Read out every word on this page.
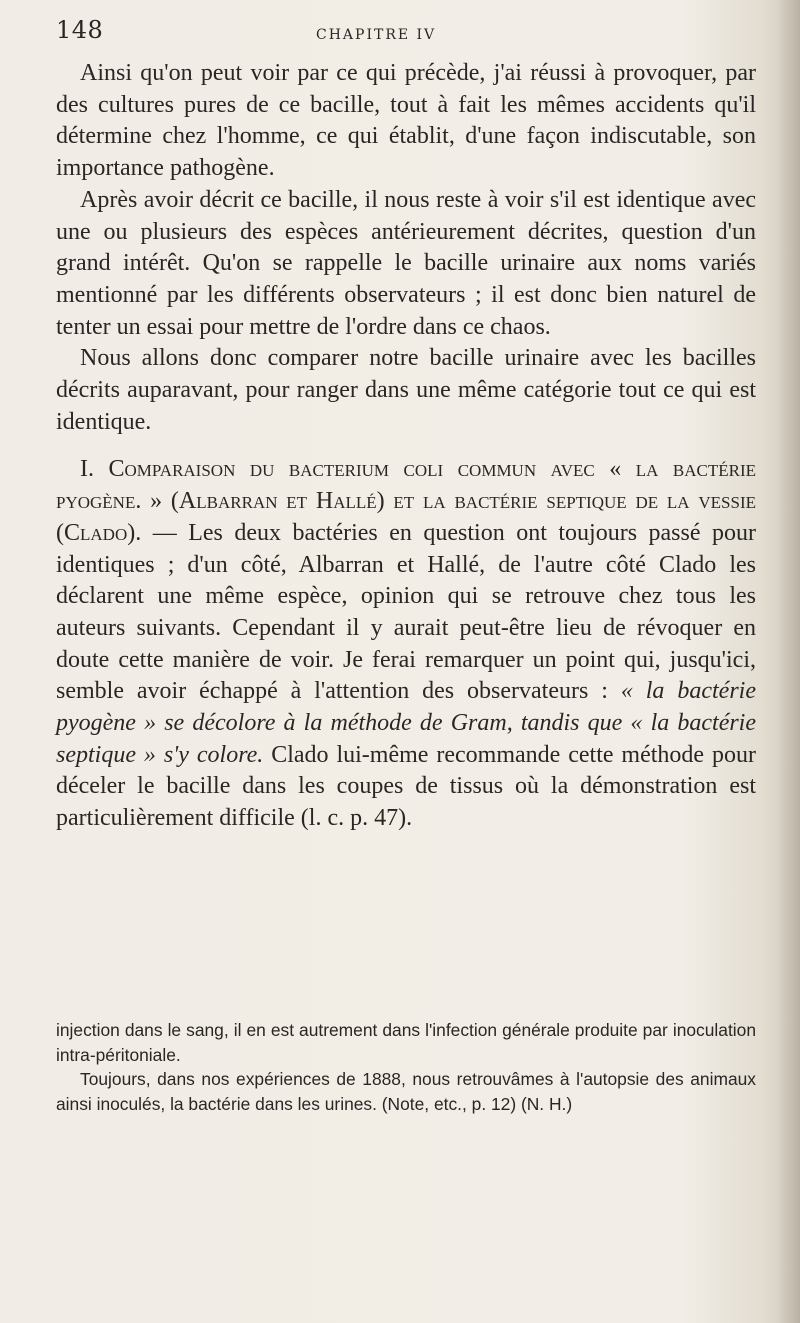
148	CHAPITRE IV

Ainsi qu'on peut voir par ce qui précède, j'ai réussi à provoquer, par des cultures pures de ce bacille, tout à fait les mêmes accidents qu'il détermine chez l'homme, ce qui établit, d'une façon indiscutable, son importance pathogène.

Après avoir décrit ce bacille, il nous reste à voir s'il est identique avec une ou plusieurs des espèces antérieurement décrites, question d'un grand intérêt. Qu'on se rappelle le bacille urinaire aux noms variés mentionné par les différents observateurs ; il est donc bien naturel de tenter un essai pour mettre de l'ordre dans ce chaos.

Nous allons donc comparer notre bacille urinaire avec les bacilles décrits auparavant, pour ranger dans une même catégorie tout ce qui est identique.

I. Comparaison du bacterium coli commun avec « la bactérie pyogène. » (Albarran et Hallé) et la bactérie septique de la vessie (Clado). — Les deux bactéries en question ont toujours passé pour identiques ; d'un côté, Albarran et Hallé, de l'autre côté Clado les déclarent une même espèce, opinion qui se retrouve chez tous les auteurs suivants. Cependant il y aurait peut-être lieu de révoquer en doute cette manière de voir. Je ferai remarquer un point qui, jusqu'ici, semble avoir échappé à l'attention des observateurs : « la bactérie pyogène » se décolore à la méthode de Gram, tandis que « la bactérie septique » s'y colore. Clado lui-même recommande cette méthode pour déceler le bacille dans les coupes de tissus où la démonstration est particulièrement difficile (l. c. p. 47).

injection dans le sang, il en est autrement dans l'infection générale produite par inoculation intra-péritoniale.

Toujours, dans nos expériences de 1888, nous retrouvâmes à l'autopsie des animaux ainsi inoculés, la bactérie dans les urines. (Note, etc., p. 12) (N. H.)
